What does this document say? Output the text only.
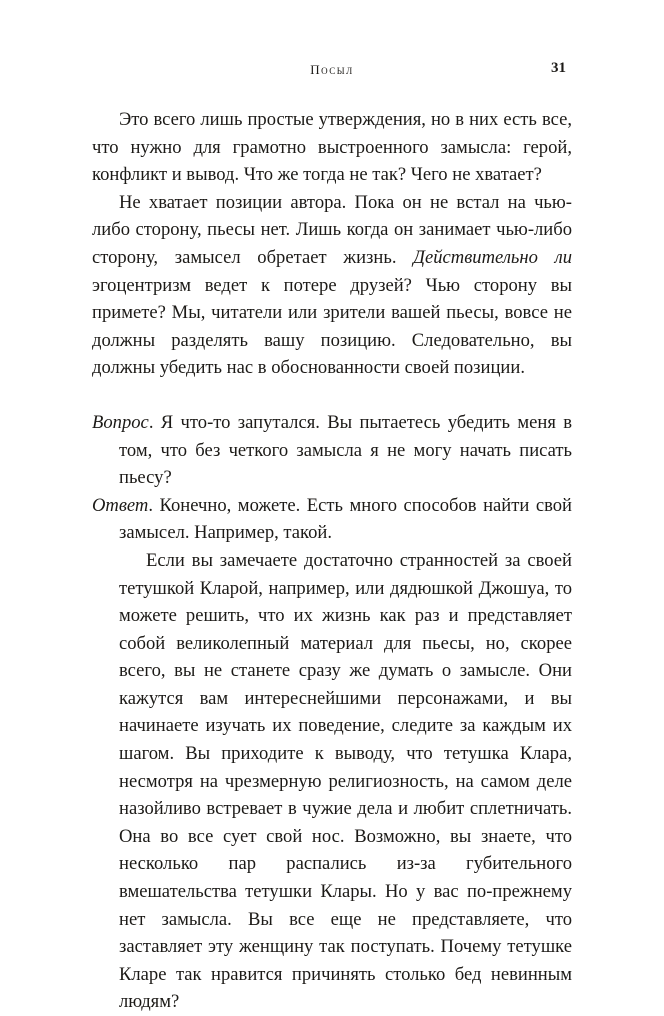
Посыл	31

Это всего лишь простые утверждения, но в них есть все, что нужно для грамотно выстроенного замысла: герой, конфликт и вывод. Что же тогда не так? Чего не хватает?

Не хватает позиции автора. Пока он не встал на чью-либо сторону, пьесы нет. Лишь когда он занимает чью-либо сторону, замысел обретает жизнь. Действительно ли эгоцентризм ведет к потере друзей? Чью сторону вы примете? Мы, читатели или зрители вашей пьесы, вовсе не должны разделять вашу позицию. Следовательно, вы должны убедить нас в обоснованности своей позиции.

Вопрос. Я что-то запутался. Вы пытаетесь убедить меня в том, что без четкого замысла я не могу начать писать пьесу?

Ответ. Конечно, можете. Есть много способов найти свой замысел. Например, такой.

Если вы замечаете достаточно странностей за своей тетушкой Кларой, например, или дядюшкой Джошуа, то можете решить, что их жизнь как раз и представляет собой великолепный материал для пьесы, но, скорее всего, вы не станете сразу же думать о замысле. Они кажутся вам интереснейшими персонажами, и вы начинаете изучать их поведение, следите за каждым их шагом. Вы приходите к выводу, что тетушка Клара, несмотря на чрезмерную религиозность, на самом деле назойливо встревает в чужие дела и любит сплетничать. Она во все сует свой нос. Возможно, вы знаете, что несколько пар распались из-за губительного вмешательства тетушки Клары. Но у вас по-прежнему нет замысла. Вы все еще не представляете, что заставляет эту женщину так поступать. Почему тетушке Кларе так нравится причинять столько бед невинным людям?
